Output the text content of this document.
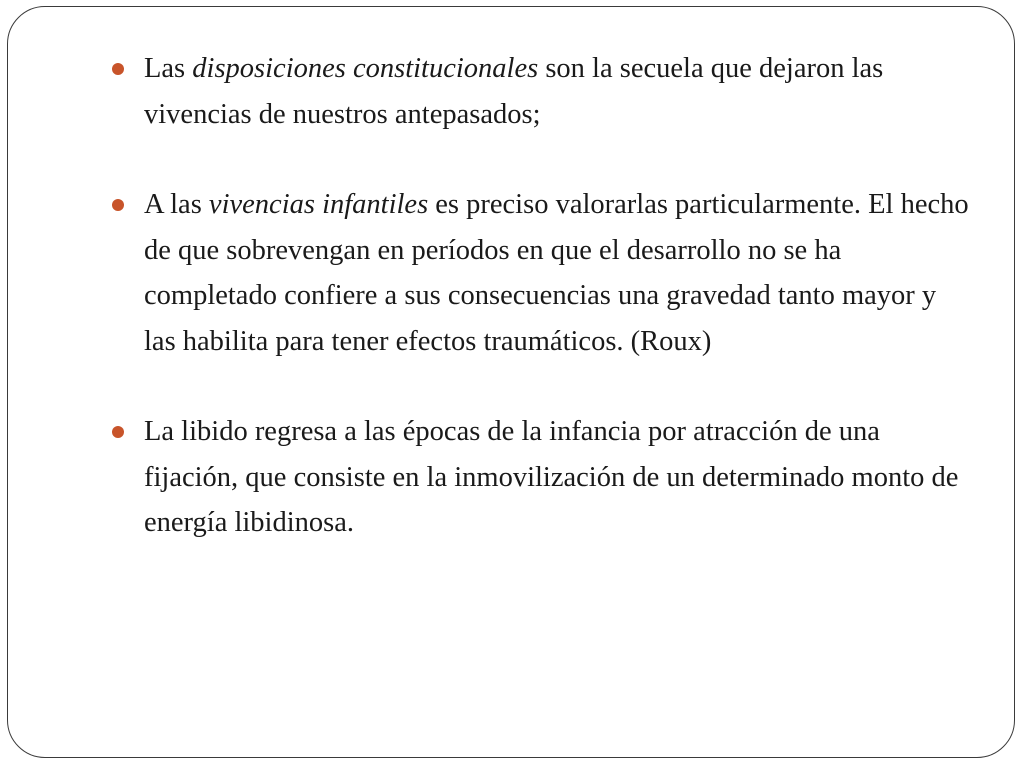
Las disposiciones constitucionales son la secuela que dejaron las vivencias de nuestros antepasados;
A las vivencias infantiles es preciso valorarlas particularmente. El hecho de que sobrevengan en períodos en que el desarrollo no se ha completado confiere a sus consecuencias una gravedad tanto mayor y las habilita para tener efectos traumáticos. (Roux)
La libido regresa a las épocas de la infancia por atracción de una fijación, que consiste en la inmovilización de un determinado monto de energía libidinosa.
